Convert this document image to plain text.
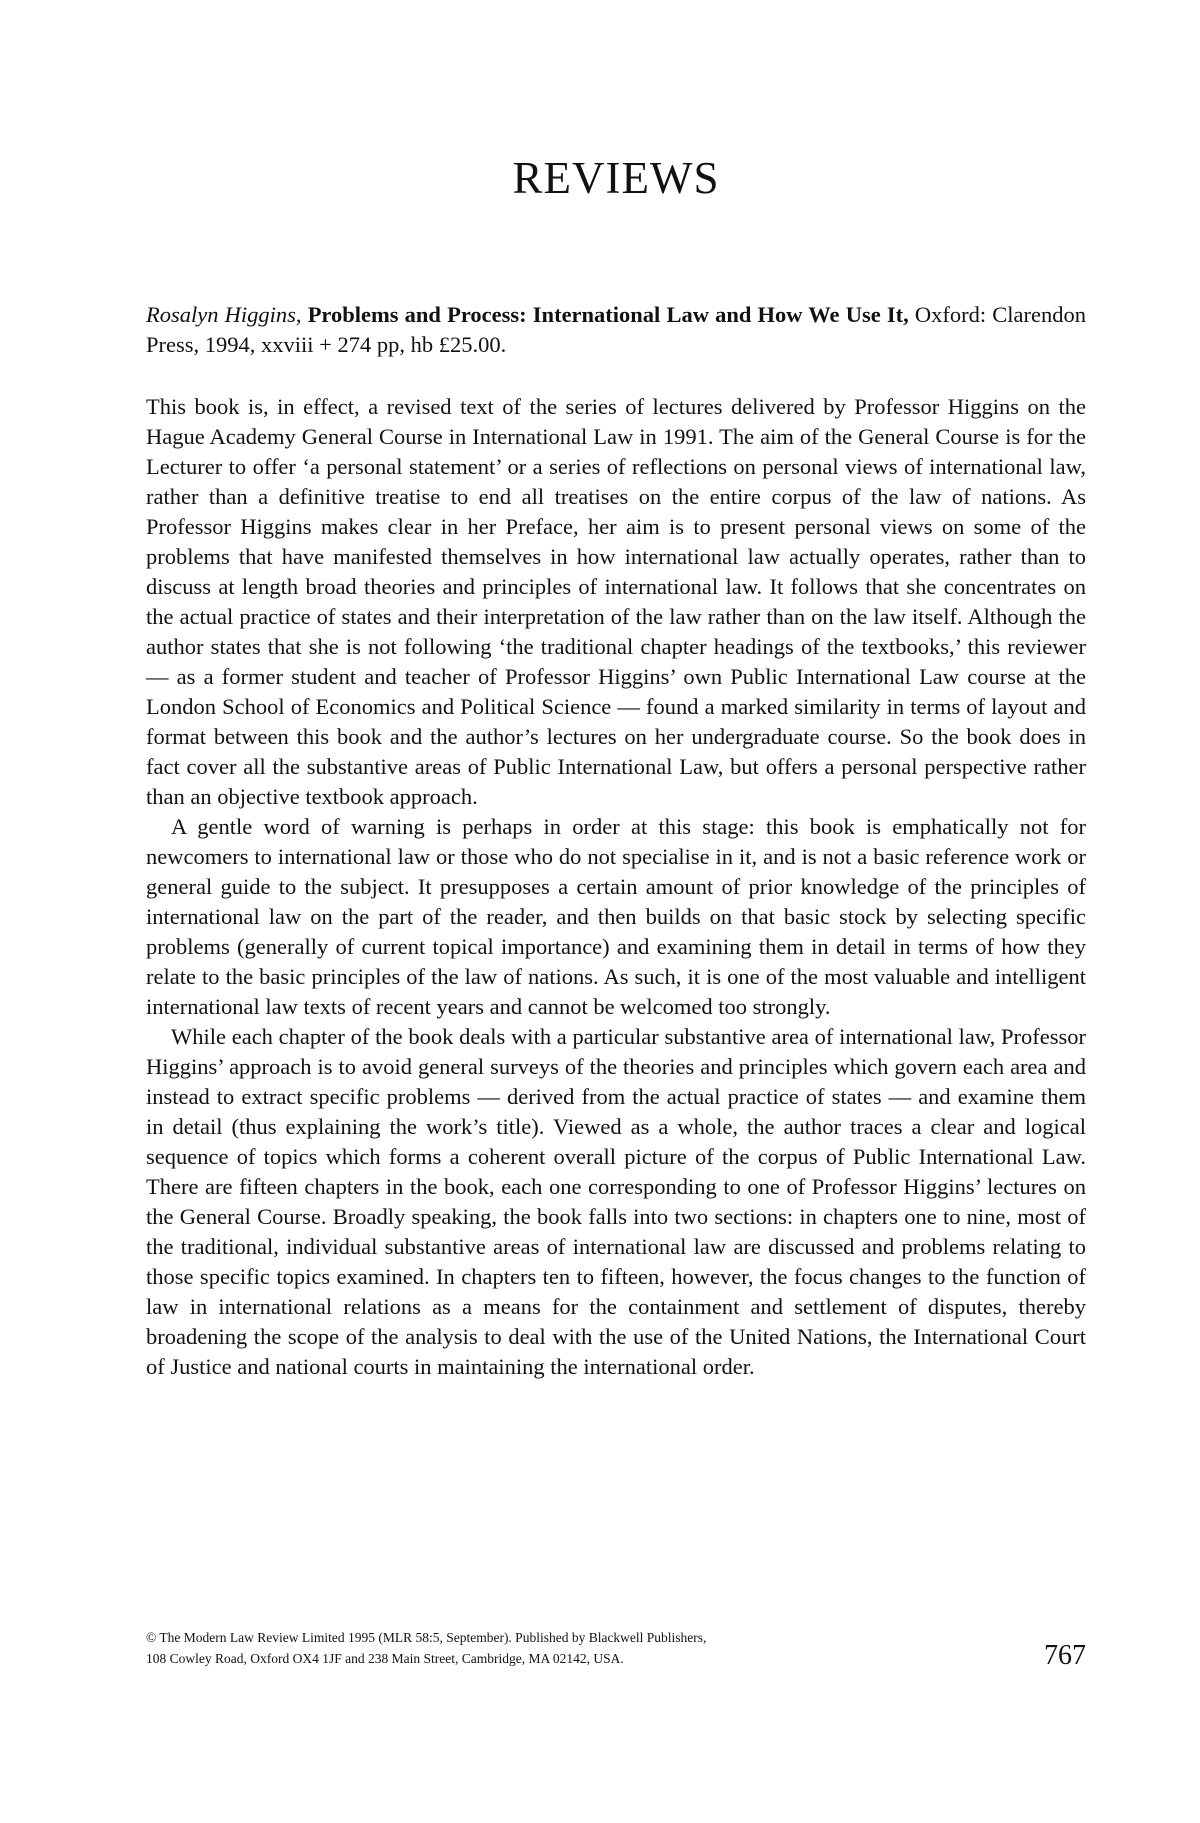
REVIEWS

Rosalyn Higgins, Problems and Process: International Law and How We Use It, Oxford: Clarendon Press, 1994, xxviii + 274 pp, hb £25.00.

This book is, in effect, a revised text of the series of lectures delivered by Professor Higgins on the Hague Academy General Course in International Law in 1991. The aim of the General Course is for the Lecturer to offer ‘a personal statement’ or a series of reflections on personal views of international law, rather than a definitive treatise to end all treatises on the entire corpus of the law of nations. As Professor Higgins makes clear in her Preface, her aim is to present personal views on some of the problems that have manifested themselves in how international law actually operates, rather than to discuss at length broad theories and principles of international law. It follows that she concentrates on the actual practice of states and their interpretation of the law rather than on the law itself. Although the author states that she is not following ‘the traditional chapter headings of the textbooks,’ this reviewer — as a former student and teacher of Professor Higgins’ own Public International Law course at the London School of Economics and Political Science — found a marked similarity in terms of layout and format between this book and the author’s lectures on her undergraduate course. So the book does in fact cover all the substantive areas of Public International Law, but offers a personal perspective rather than an objective textbook approach.

A gentle word of warning is perhaps in order at this stage: this book is emphatically not for newcomers to international law or those who do not specialise in it, and is not a basic reference work or general guide to the subject. It presupposes a certain amount of prior knowledge of the principles of international law on the part of the reader, and then builds on that basic stock by selecting specific problems (generally of current topical importance) and examining them in detail in terms of how they relate to the basic principles of the law of nations. As such, it is one of the most valuable and intelligent international law texts of recent years and cannot be welcomed too strongly.

While each chapter of the book deals with a particular substantive area of international law, Professor Higgins’ approach is to avoid general surveys of the theories and principles which govern each area and instead to extract specific problems — derived from the actual practice of states — and examine them in detail (thus explaining the work’s title). Viewed as a whole, the author traces a clear and logical sequence of topics which forms a coherent overall picture of the corpus of Public International Law. There are fifteen chapters in the book, each one corresponding to one of Professor Higgins’ lectures on the General Course. Broadly speaking, the book falls into two sections: in chapters one to nine, most of the traditional, individual substantive areas of international law are discussed and problems relating to those specific topics examined. In chapters ten to fifteen, however, the focus changes to the function of law in international relations as a means for the containment and settlement of disputes, thereby broadening the scope of the analysis to deal with the use of the United Nations, the International Court of Justice and national courts in maintaining the international order.

© The Modern Law Review Limited 1995 (MLR 58:5, September). Published by Blackwell Publishers,
108 Cowley Road, Oxford OX4 1JF and 238 Main Street, Cambridge, MA 02142, USA.	767
